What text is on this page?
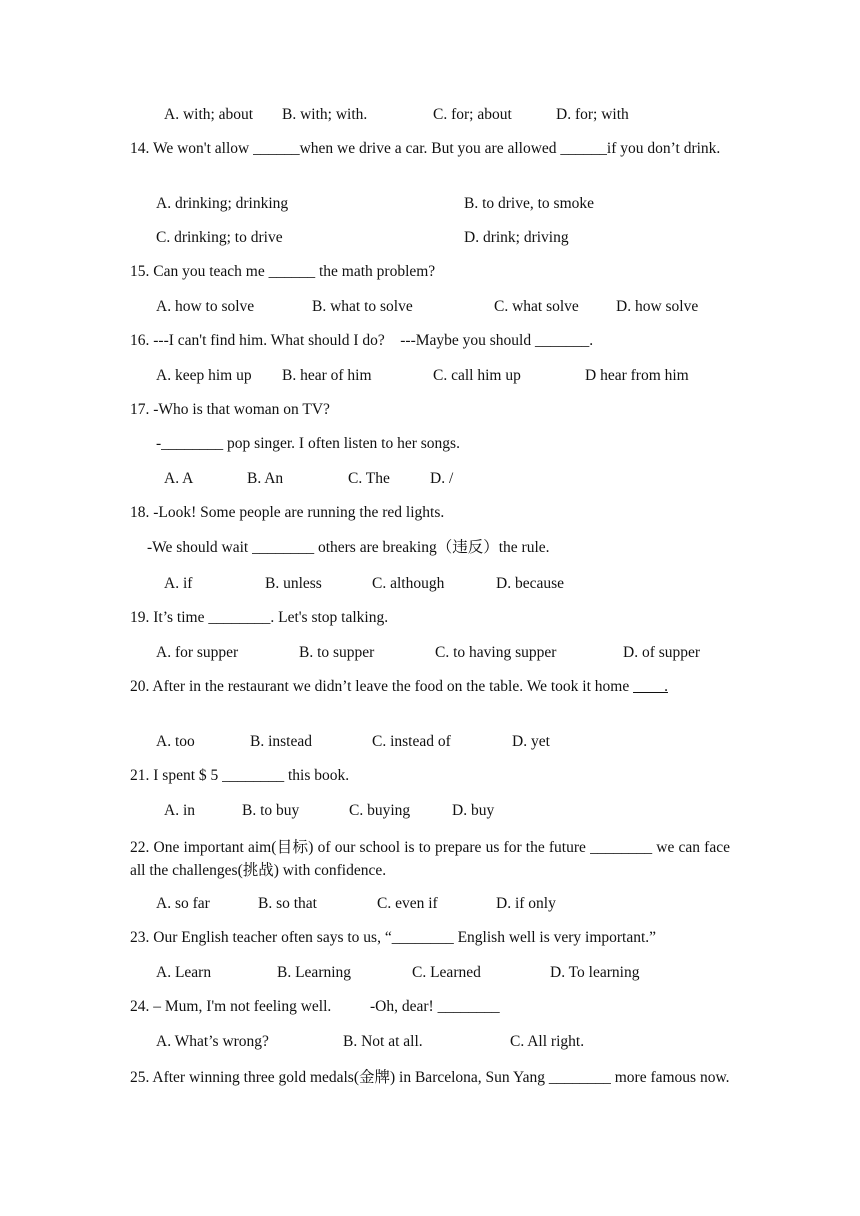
A. with; about B. with; with.	C. for; about	D. for; with
14. We won't allow ______when we drive a car. But you are allowed ______if you don’t drink.
A. drinking; drinking	B. to drive, to smoke
C. drinking; to drive	D. drink; driving
15. Can you teach me ______ the math problem?
A. how to solve	B. what to solve	C. what solve D. how solve
16. ---I can't find him. What should I do?    ---Maybe you should _______.
A. keep him up B. hear of him	C. call him up	D hear from him
17. -Who is that woman on TV?
-________ pop singer. I often listen to her songs.
A. A	B. An	C. The	D. /
18. -Look! Some people are running the red lights.
-We should wait ________ others are breaking（违反）the rule.
A. if	B. unless	C. although	D. because
19. It’s time ________. Let's stop talking.
A. for supper	B. to supper	C. to having supper	D. of supper
20. After in the restaurant we didn’t leave the food on the table. We took it home ____.
A. too	B. instead	C. instead of	D. yet
21. I spent $ 5 ________ this book.
A. in	B. to buy	C. buying	D. buy
22. One important aim(目标) of our school is to prepare us for the future ________ we can face all the challenges(挑战) with confidence.
A. so far	B. so that	C. even if	D. if only
23. Our English teacher often says to us, “________ English well is very important.”
A. Learn	B. Learning	C. Learned	D. To learning
24. – Mum, I'm not feeling well.          -Oh, dear! ________
A. What’s wrong?	B. Not at all.	C. All right.
25. After winning three gold medals(金牌) in Barcelona, Sun Yang ________ more famous now.
